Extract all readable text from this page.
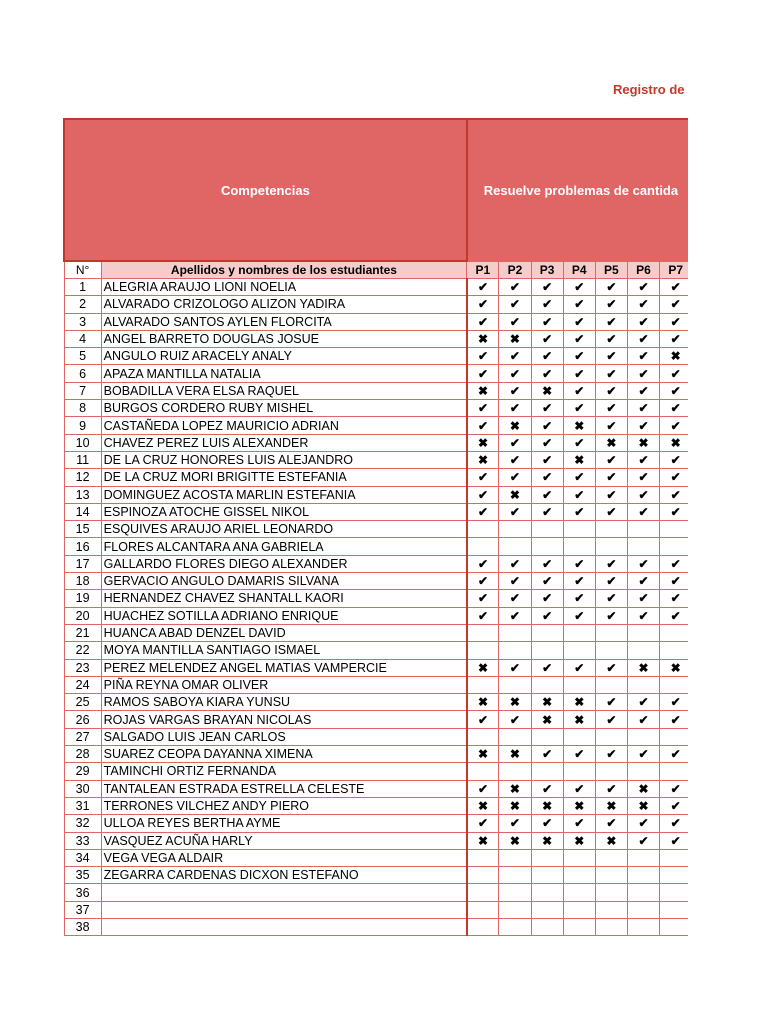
Registro de
Competencias		Resuelve problemas de cantida							
N°	Apellidos y nombres de los estudiantes	P1	P2	P3	P4	P5	P6	P7	
1	ALEGRIA ARAUJO LIONI NOELIA	✔	✔	✔	✔	✔	✔	✔	
2	ALVARADO CRIZOLOGO ALIZON YADIRA	✔	✔	✔	✔	✔	✔	✔	
3	ALVARADO SANTOS AYLEN FLORCITA	✔	✔	✔	✔	✔	✔	✔	
4	ANGEL BARRETO DOUGLAS JOSUE	✖	✖	✔	✔	✔	✔	✔	
5	ANGULO RUIZ ARACELY ANALY	✔	✔	✔	✔	✔	✔	✖	
6	APAZA MANTILLA NATALIA	✔	✔	✔	✔	✔	✔	✔	
7	BOBADILLA VERA ELSA RAQUEL	✖	✔	✖	✔	✔	✔	✔	
8	BURGOS CORDERO RUBY MISHEL	✔	✔	✔	✔	✔	✔	✔	
9	CASTAÑEDA LOPEZ MAURICIO ADRIAN	✔	✖	✔	✖	✔	✔	✔	
10	CHAVEZ PEREZ LUIS ALEXANDER	✖	✔	✔	✔	✖	✖	✖	
11	DE LA CRUZ HONORES LUIS ALEJANDRO	✖	✔	✔	✖	✔	✔	✔	
12	DE LA CRUZ MORI BRIGITTE ESTEFANIA	✔	✔	✔	✔	✔	✔	✔	
13	DOMINGUEZ ACOSTA MARLIN ESTEFANIA	✔	✖	✔	✔	✔	✔	✔	
14	ESPINOZA ATOCHE GISSEL NIKOL	✔	✔	✔	✔	✔	✔	✔	
15	ESQUIVES ARAUJO ARIEL LEONARDO								
16	FLORES ALCANTARA ANA GABRIELA								
17	GALLARDO FLORES DIEGO ALEXANDER	✔	✔	✔	✔	✔	✔	✔	
18	GERVACIO ANGULO DAMARIS SILVANA	✔	✔	✔	✔	✔	✔	✔	
19	HERNANDEZ CHAVEZ SHANTALL KAORI	✔	✔	✔	✔	✔	✔	✔	
20	HUACHEZ SOTILLA ADRIANO ENRIQUE	✔	✔	✔	✔	✔	✔	✔	
21	HUANCA ABAD DENZEL DAVID								
22	MOYA MANTILLA SANTIAGO ISMAEL								
23	PEREZ MELENDEZ ANGEL MATIAS VAMPERCIE	✖	✔	✔	✔	✔	✖	✖	
24	PIÑA REYNA OMAR OLIVER								
25	RAMOS SABOYA KIARA YUNSU	✖	✖	✖	✖	✔	✔	✔	
26	ROJAS VARGAS BRAYAN NICOLAS	✔	✔	✖	✖	✔	✔	✔	
27	SALGADO LUIS JEAN CARLOS								
28	SUAREZ CEOPA DAYANNA XIMENA	✖	✖	✔	✔	✔	✔	✔	
29	TAMINCHI ORTIZ FERNANDA								
30	TANTALEAN ESTRADA ESTRELLA CELESTE	✔	✖	✔	✔	✔	✖	✔	
31	TERRONES VILCHEZ ANDY PIERO	✖	✖	✖	✖	✖	✖	✔	
32	ULLOA REYES BERTHA AYME	✔	✔	✔	✔	✔	✔	✔	
33	VASQUEZ ACUÑA HARLY	✖	✖	✖	✖	✖	✔	✔	
34	VEGA VEGA ALDAIR								
35	ZEGARRA CARDENAS DICXON ESTEFANO								
36									
37									
38									
